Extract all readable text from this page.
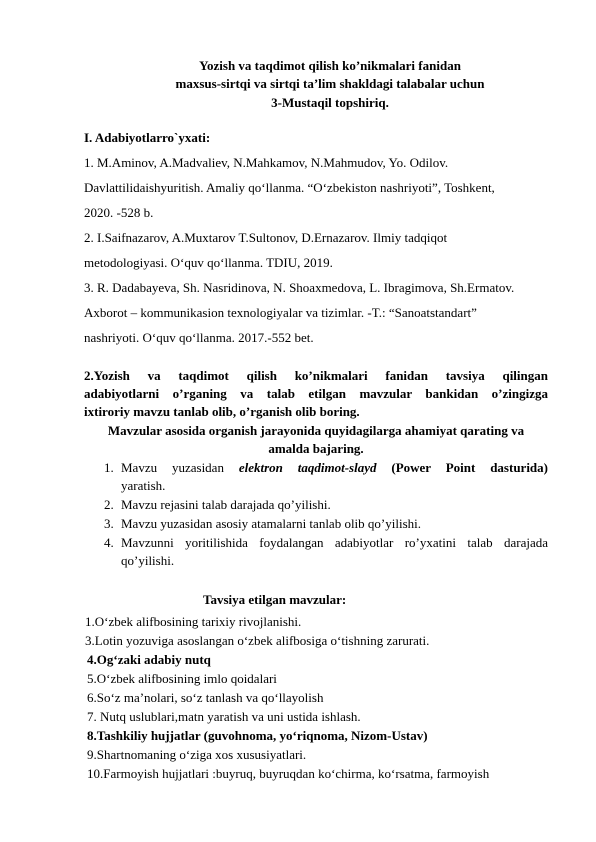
Yozish va taqdimot qilish ko’nikmalari fanidan
maxsus-sirtqi va sirtqi ta’lim shakldagi talabalar uchun
3-Mustaqil topshiriq.
I. Adabiyotlarro`yxati:
1. M.Aminov, A.Madvaliev, N.Mahkamov, N.Mahmudov, Yo. Odilov.
Davlattilidaishyuritish. Amaliy qo‘llanma. “O‘zbekiston nashriyoti”, Toshkent,
2020. -528 b.
2. I.Saifnazarov, A.Muxtarov T.Sultonov, D.Ernazarov. Ilmiy tadqiqot
metodologiyasi. O‘quv qo‘llanma. TDIU, 2019.
3. R. Dadabayeva, Sh. Nasridinova, N. Shoaxmedova, L. Ibragimova, Sh.Ermatov.
Axborot – kommunikasion texnologiyalar va tizimlar. -T.: “Sanoatstandart”
nashriyoti. O‘quv qo‘llanma. 2017.-552 bet.
2.Yozish va taqdimot qilish ko’nikmalari fanidan tavsiya qilingan
adabiyotlarni o’rganing va talab etilgan mavzular bankidan o’zingizga
ixtiroriy mavzu tanlab olib, o’rganish olib boring.
Mavzular asosida organish jarayonida quyidagilarga ahamiyat qarating va
amalda bajaring.
1. Mavzu yuzasidan elektron taqdimot-slayd (Power Point dasturida)
yaratish.
2. Mavzu rejasini talab darajada qo’yilishi.
3. Mavzu yuzasidan asosiy atamalarni tanlab olib qo’yilishi.
4. Mavzunni yoritilishida foydalangan adabiyotlar ro’yxatini talab darajada
qo’yilishi.
Tavsiya etilgan mavzular:
1.O‘zbek alifbosining tarixiy rivojlanishi.
3.Lotin yozuviga asoslangan o‘zbek alifbosiga o‘tishning zarurati.
4.Og‘zaki adabiy nutq
5.O‘zbek alifbosining imlo qoidalari
6.So‘z ma’nolari, so‘z tanlash va qo‘llayolish
7. Nutq uslublari,matn yaratish va uni ustida ishlash.
8.Tashkiliy hujjatlar (guvohnoma, yo‘riqnoma, Nizom-Ustav)
9.Shartnomaning o‘ziga xos xususiyatlari.
10.Farmoyish hujjatlari :buyruq, buyruqdan ko‘chirma, ko‘rsatma, farmoyish
